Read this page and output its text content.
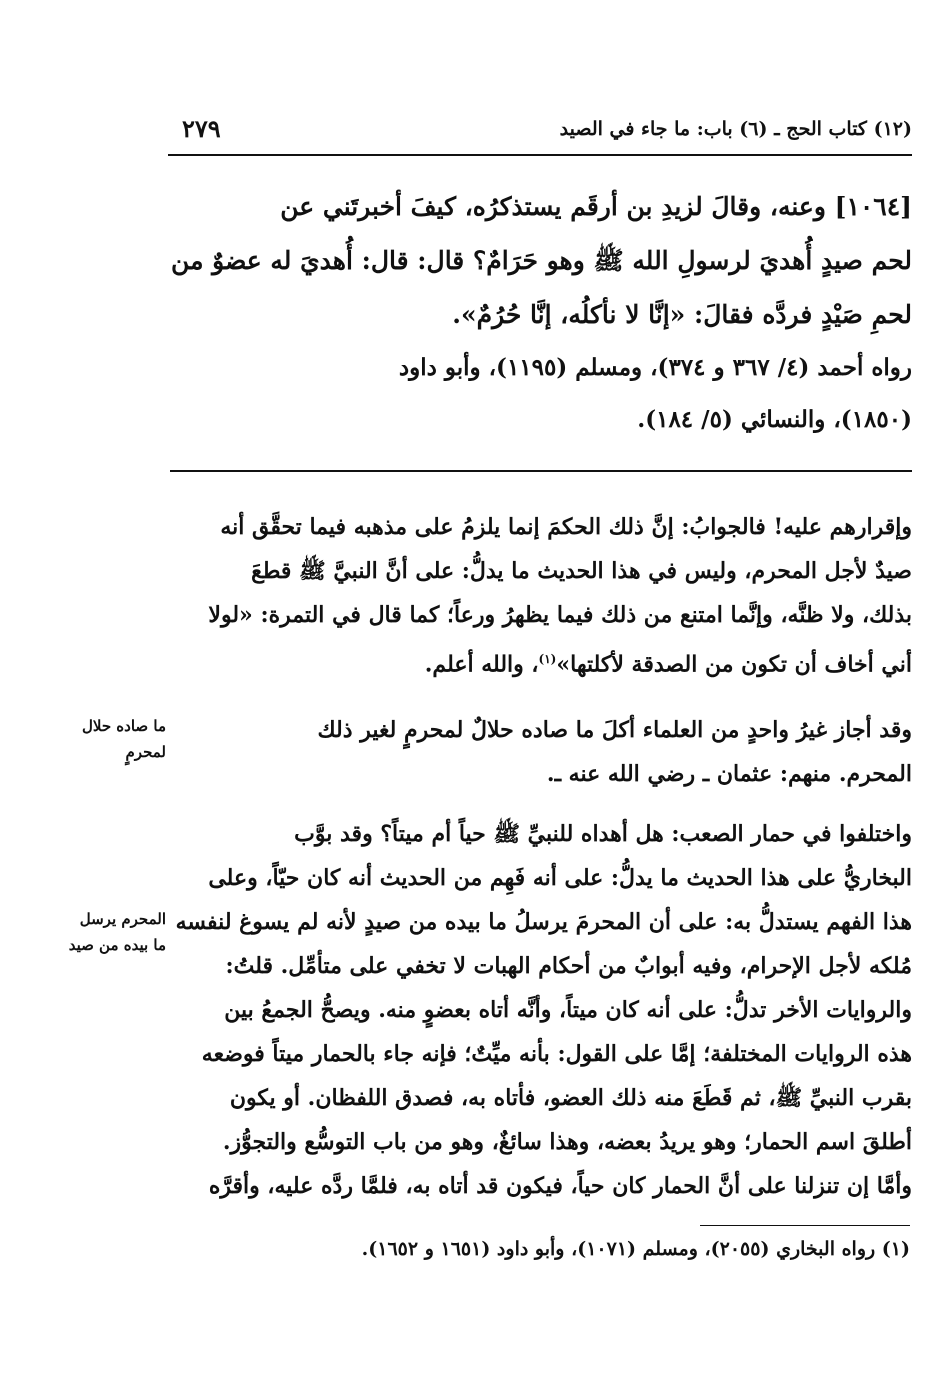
(١٢) كتاب الحج ـ (٦) باب: ما جاء في الصيد
٢٧٩
[١٠٦٤] وعنه، وقالَ لزيدِ بن أرقَم يستذكرُه، كيفَ أخبرتَني عن
لحم صيدٍ أُهديَ لرسولِ الله ﷺ وهو حَرَامٌ؟ قال: قال: أُهديَ له عضوٌ من
لحمِ صَيْدٍ فردَّه فقالَ: «إنَّا لا نأكلُه، إنَّا حُرُمٌ».
رواه أحمد (٤/ ٣٦٧ و ٣٧٤)، ومسلم (١١٩٥)، وأبو داود
(١٨٥٠)، والنسائي (٥/ ١٨٤).
وإقرارهم عليه! فالجوابُ: إنَّ ذلك الحكمَ إنما يلزمُ على مذهبه فيما تحقَّق أنه
صيدٌ لأجل المحرم، وليس في هذا الحديث ما يدلُّ: على أنَّ النبيَّ ﷺ قطعَ
بذلك، ولا ظنَّه، وإنَّما امتنع من ذلك فيما يظهرُ ورعاً؛ كما قال في التمرة: «لولا
أني أخاف أن تكون من الصدقة لأكلتها»$^{(١)}$، والله أعلم.
وقد أجاز غيرُ واحدٍ من العلماء أكلَ ما صاده حلالٌ لمحرمٍ لغير ذلك
المحرم. منهم: عثمان ـ رضي الله عنه ـ.
واختلفوا في حمار الصعب: هل أهداه للنبيِّ ﷺ حياً أم ميتاً؟ وقد بوَّب
البخاريُّ على هذا الحديث ما يدلُّ: على أنه فَهِم من الحديث أنه كان حيّاً، وعلى
هذا الفهم يستدلُّ به: على أن المحرمَ يرسلُ ما بيده من صيدٍ لأنه لم يسوغ لنفسه
مُلكه لأجل الإحرام، وفيه أبوابٌ من أحكام الهبات لا تخفي على متأمِّل. قلتُ:
والروايات الأخر تدلُّ: على أنه كان ميتاً، وأنَّه أتاه بعضوٍ منه. ويصحُّ الجمعُ بين
هذه الروايات المختلفة؛ إمَّا على القول: بأنه ميِّتٌ؛ فإنه جاء بالحمار ميتاً فوضعه
بقرب النبيِّ ﷺ، ثم قَطَعَ منه ذلك العضو، فأتاه به، فصدق اللفظان. أو يكون
أطلقَ اسم الحمار؛ وهو يريدُ بعضه، وهذا سائغٌ، وهو من باب التوسُّع والتجوُّز.
وأمَّا إن تنزلنا على أنَّ الحمار كان حياً، فيكون قد أتاه به، فلمَّا ردَّه عليه، وأقرَّه
ما صاده حلال
لمحرمٍ
المحرم يرسل
ما بيده من صيد
(١) رواه البخاري (٢٠٥٥)، ومسلم (١٠٧١)، وأبو داود (١٦٥١ و ١٦٥٢).
